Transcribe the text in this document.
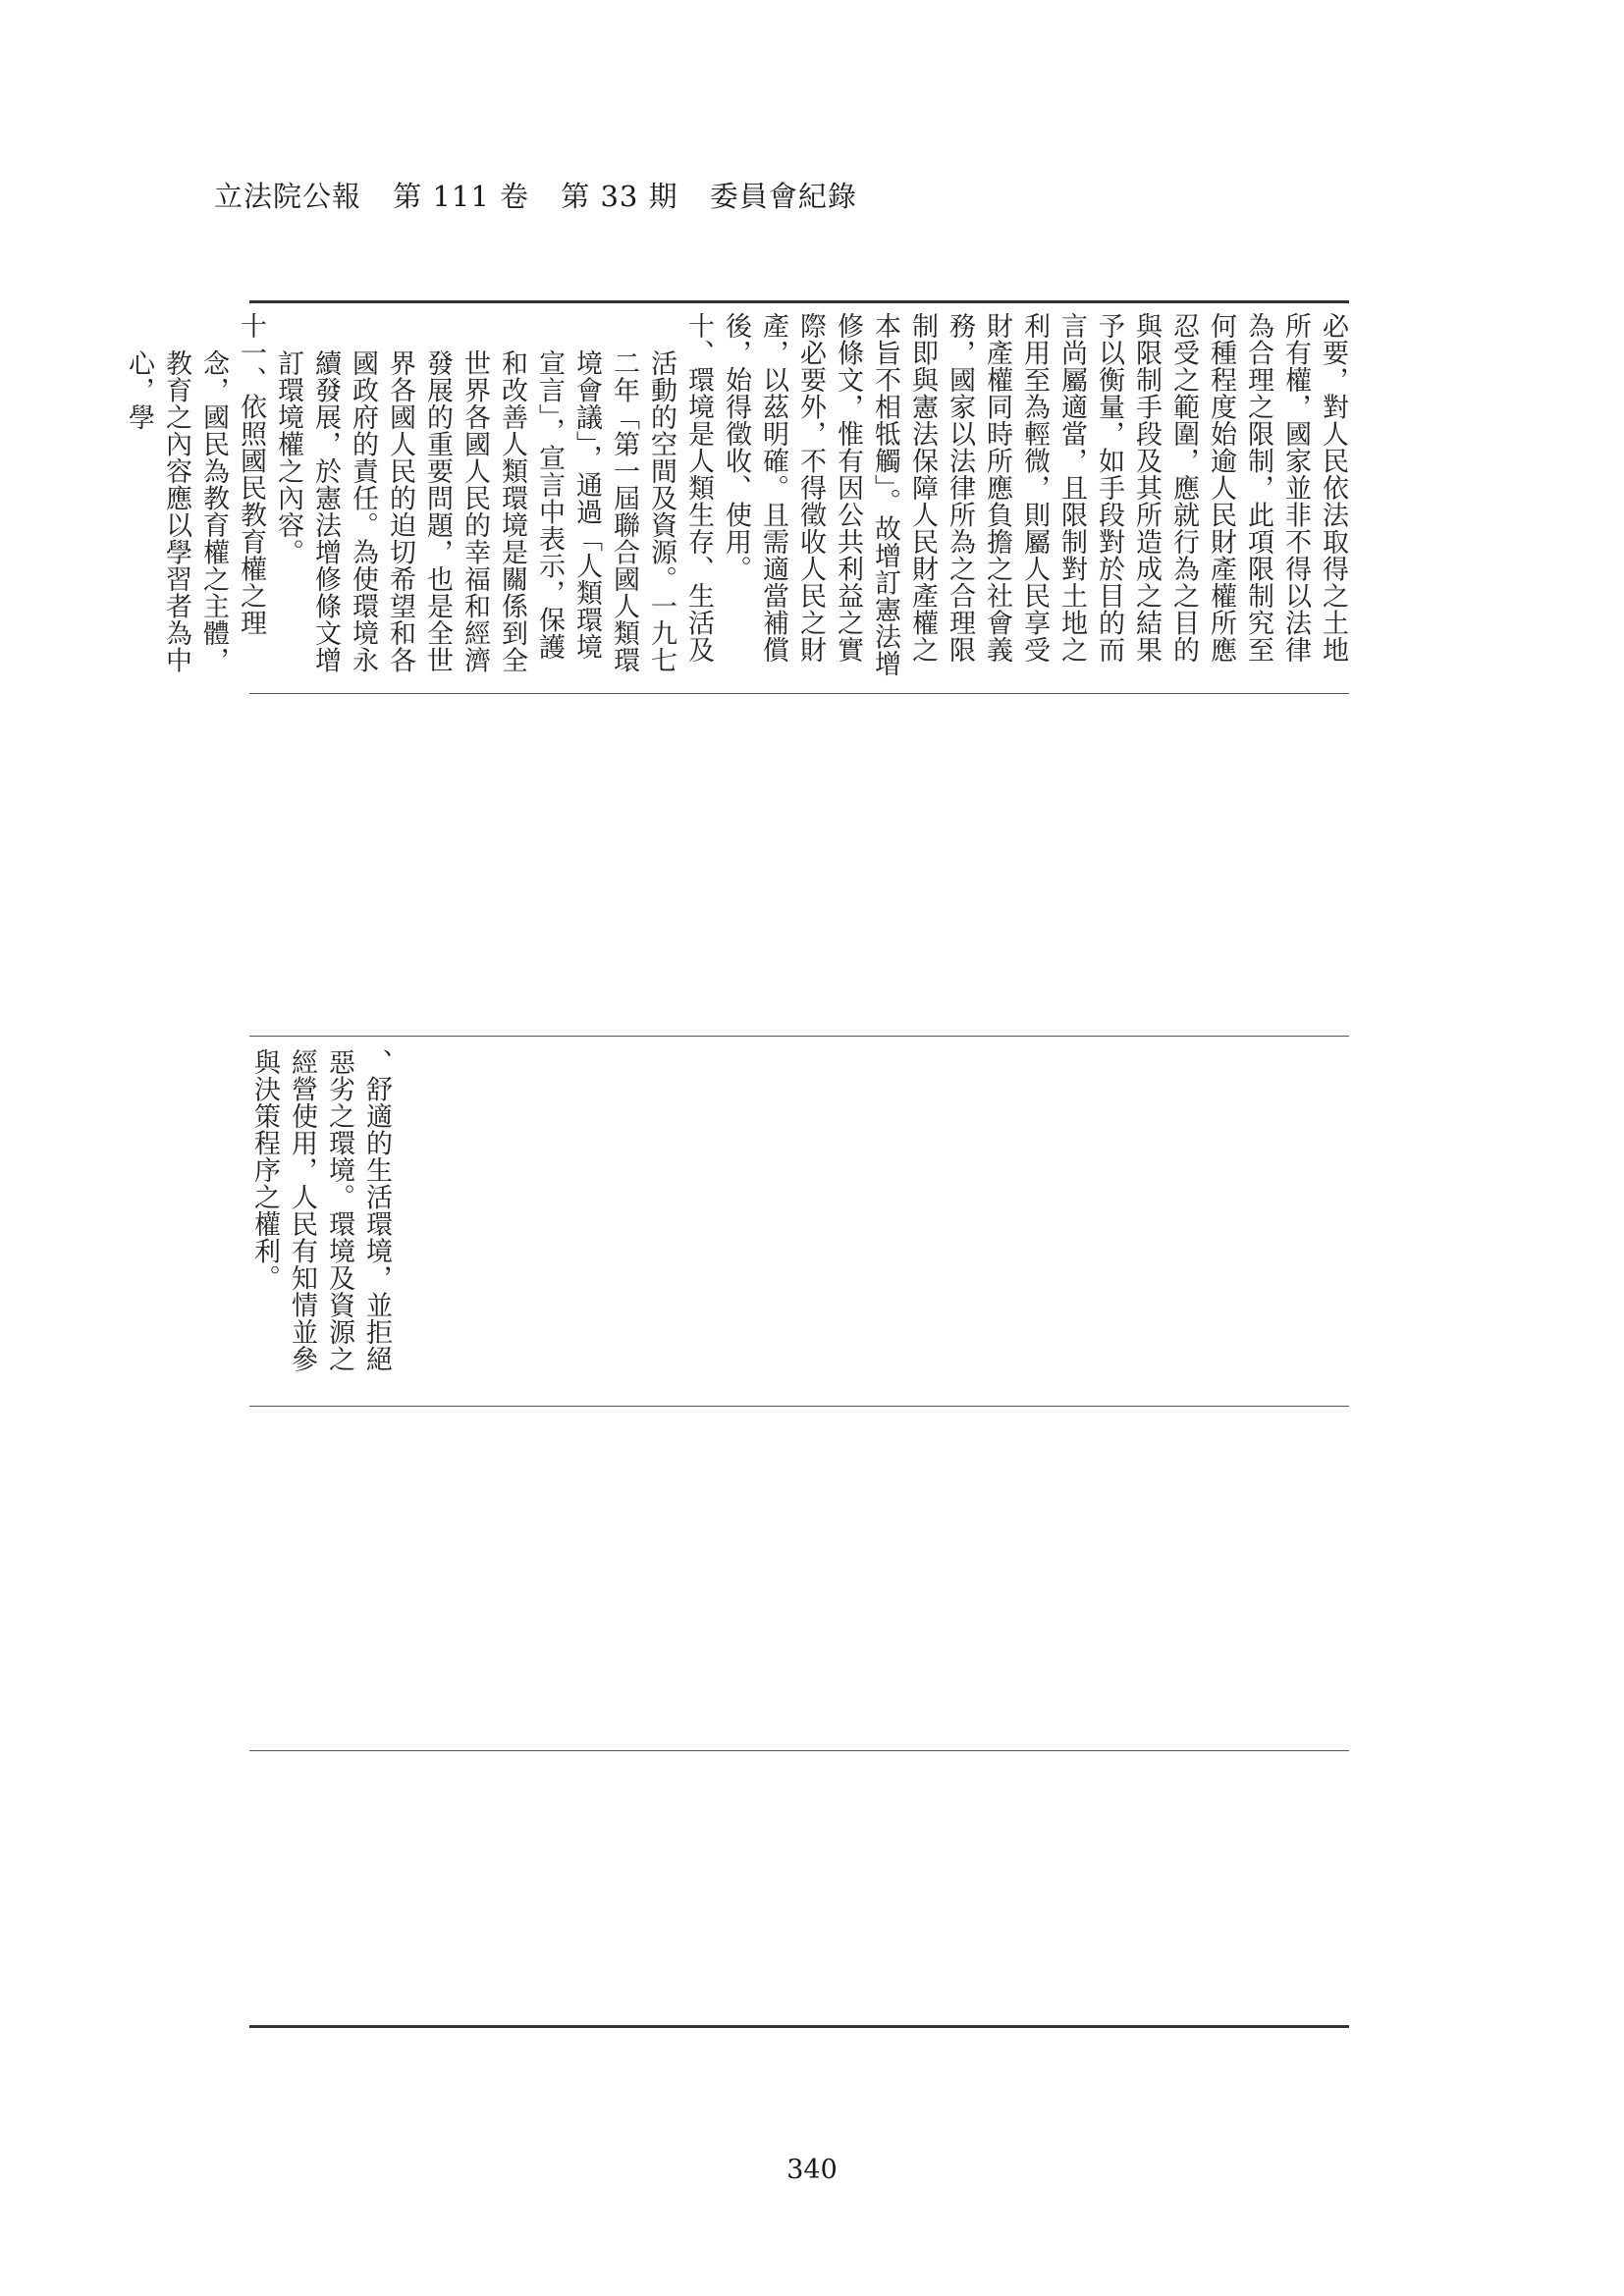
立法院公報 第 111 卷 第 33 期 委員會紀錄

必要，對人民依法取得之土地所有權，國家並非不得以法律為合理之限制，此項限制究至何種程度始逾人民財產權所應忍受之範圍，應就行為之目的與限制手段及其所造成之結果予以衡量，如手段對於目的而言尚屬適當，且限制對土地之利用至為輕微，則屬人民享受財產權同時所應負擔之社會義務，國家以法律所為之合理限制即與憲法保障人民財產權之本旨不相牴觸」。故增訂憲法增修條文，惟有因公共利益之實際必要外，不得徵收人民之財產，以茲明確。且需適當補償後，始得徵收、使用。

十、環境是人類生存、生活及活動的空間及資源。一九七二年「第一屆聯合國人類環境會議」，通過「人類環境宣言」，宣言中表示，保護和改善人類環境是關係到全世界各國人民的幸福和經濟發展的重要問題，也是全世界各國人民的迫切希望和各國政府的責任。為使環境永續發展，於憲法增修條文增訂環境權之內容。

十一、依照國民教育權之理念，國民為教育權之主體，教育之內容應以學習者為中心，學

、舒適的生活環境，並拒絕惡劣之環境。環境及資源之經營使用，人民有知情並參與決策程序之權利。

340
